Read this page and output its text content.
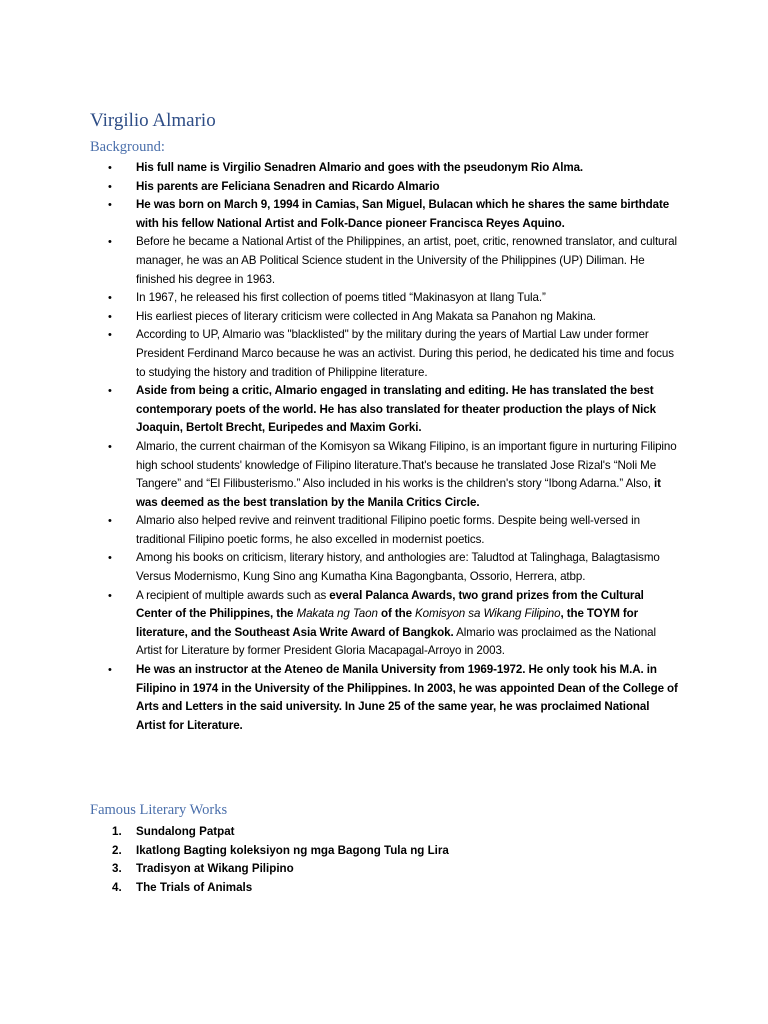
Virgilio Almario
Background:
• His full name is Virgilio Senadren Almario and goes with the pseudonym Rio Alma.
• His parents are Feliciana Senadren and Ricardo Almario
• He was born on March 9, 1994 in Camias, San Miguel, Bulacan which he shares the same birthdate with his fellow National Artist and Folk-Dance pioneer Francisca Reyes Aquino.
• Before he became a National Artist of the Philippines, an artist, poet, critic, renowned translator, and cultural manager, he was an AB Political Science student in the University of the Philippines (UP) Diliman. He finished his degree in 1963.
• In 1967, he released his first collection of poems titled “Makinasyon at Ilang Tula.”
• His earliest pieces of literary criticism were collected in Ang Makata sa Panahon ng Makina.
• According to UP, Almario was "blacklisted" by the military during the years of Martial Law under former President Ferdinand Marco because he was an activist. During this period, he dedicated his time and focus to studying the history and tradition of Philippine literature.
• Aside from being a critic, Almario engaged in translating and editing. He has translated the best contemporary poets of the world. He has also translated for theater production the plays of Nick Joaquin, Bertolt Brecht, Euripedes and Maxim Gorki.
• Almario, the current chairman of the Komisyon sa Wikang Filipino, is an important figure in nurturing Filipino high school students' knowledge of Filipino literature.That's because he translated Jose Rizal's “Noli Me Tangere” and “El Filibusterismo.” Also included in his works is the children's story “Ibong Adarna.” Also, it was deemed as the best translation by the Manila Critics Circle.
• Almario also helped revive and reinvent traditional Filipino poetic forms. Despite being well-versed in traditional Filipino poetic forms, he also excelled in modernist poetics.
• Among his books on criticism, literary history, and anthologies are: Taludtod at Talinghaga, Balagtasismo Versus Modernismo, Kung Sino ang Kumatha Kina Bagongbanta, Ossorio, Herrera, atbp.
• A recipient of multiple awards such as everal Palanca Awards, two grand prizes from the Cultural Center of the Philippines, the Makata ng Taon of the Komisyon sa Wikang Filipino, the TOYM for literature, and the Southeast Asia Write Award of Bangkok. Almario was proclaimed as the National Artist for Literature by former President Gloria Macapagal-Arroyo in 2003.
• He was an instructor at the Ateneo de Manila University from 1969-1972. He only took his M.A. in Filipino in 1974 in the University of the Philippines. In 2003, he was appointed Dean of the College of Arts and Letters in the said university. In June 25 of the same year, he was proclaimed National Artist for Literature.
Famous Literary Works
1. Sundalong Patpat
2. Ikatlong Bagting koleksiyon ng mga Bagong Tula ng Lira
3. Tradisyon at Wikang Pilipino
4. The Trials of Animals
